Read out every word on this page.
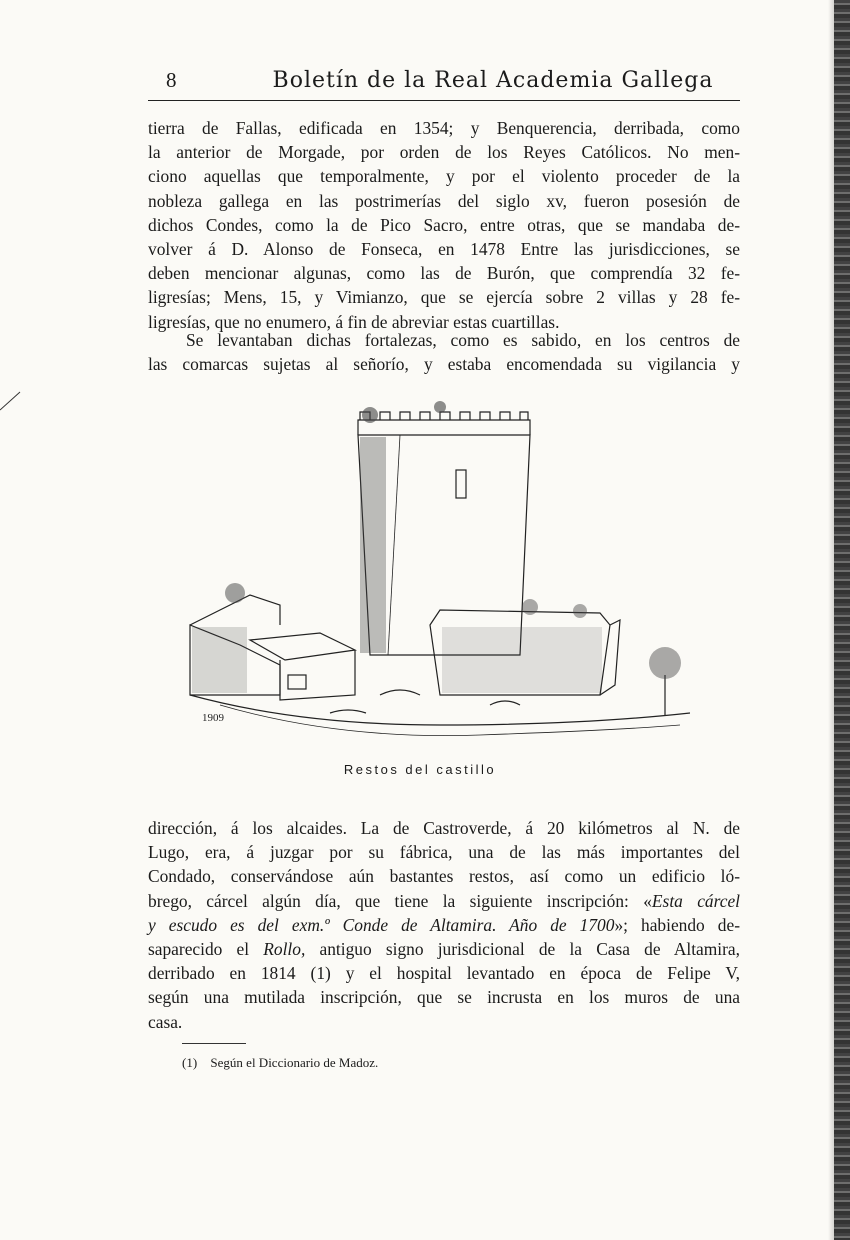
8	Boletín de la Real Academia Gallega
tierra de Fallas, edificada en 1354; y Benquerencia, derribada, como
la anterior de Morgade, por orden de los Reyes Católicos. No men-
ciono aquellas que temporalmente, y por el violento proceder de la
nobleza gallega en las postrimerías del siglo xv, fueron posesión de
dichos Condes, como la de Pico Sacro, entre otras, que se mandaba de-
volver á D. Alonso de Fonseca, en 1478 Entre las jurisdicciones, se
deben mencionar algunas, como las de Burón, que comprendía 32 fe-
ligresías; Mens, 15, y Vimianzo, que se ejercía sobre 2 villas y 28 fe-
ligresías, que no enumero, á fin de abreviar estas cuartillas.
Se levantaban dichas fortalezas, como es sabido, en los centros de
las comarcas sujetas al señorío, y estaba encomendada su vigilancia y
1909
Restos del castillo
dirección, á los alcaides. La de Castroverde, á 20 kilómetros al N. de
Lugo, era, á juzgar por su fábrica, una de las más importantes del
Condado, conservándose aún bastantes restos, así como un edificio ló-
brego, cárcel algún día, que tiene la siguiente inscripción: «Esta cárcel
y escudo es del exm.º Conde de Altamira. Año de 1700»; habiendo de-
saparecido el Rollo, antiguo signo jurisdicional de la Casa de Altamira,
derribado en 1814 (1) y el hospital levantado en época de Felipe V,
según una mutilada inscripción, que se incrusta en los muros de una
casa.
(1) Según el Diccionario de Madoz.
